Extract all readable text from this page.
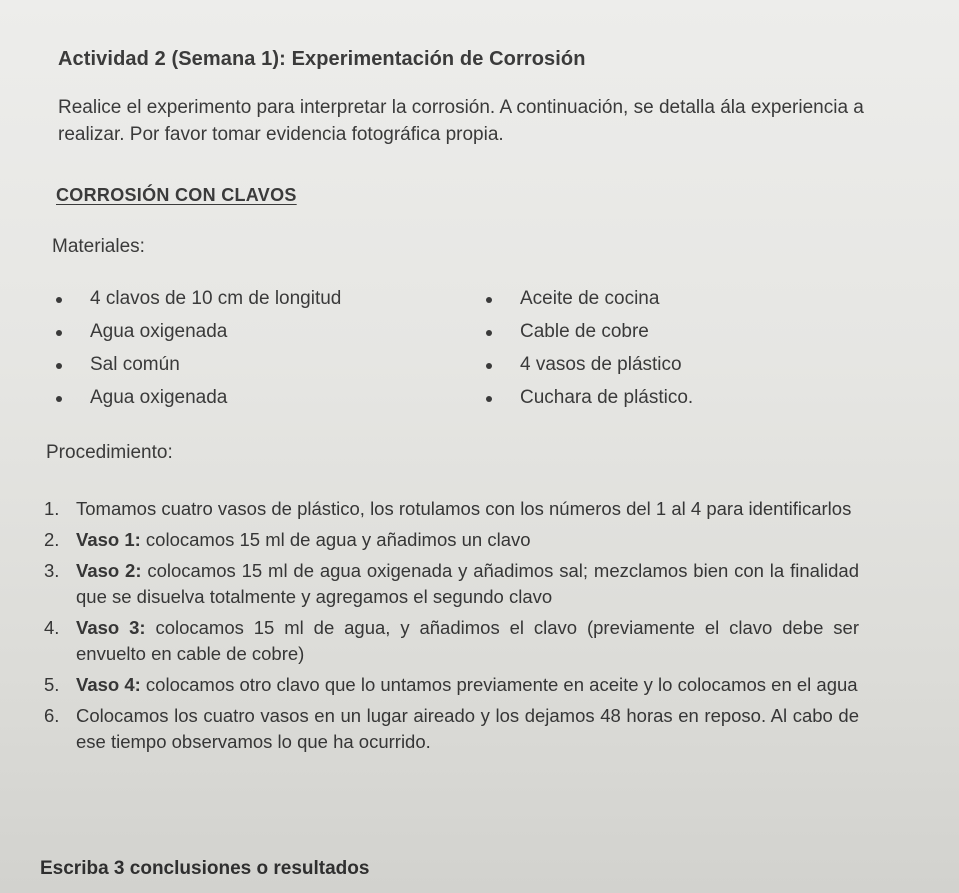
Actividad 2 (Semana 1): Experimentación de Corrosión

Realice el experimento para interpretar la corrosión. A continuación, se detalla ála experiencia a realizar. Por favor tomar evidencia fotográfica propia.

CORROSIÓN CON CLAVOS
Materiales:
4 clavos de 10 cm de longitud	Aceite de cocina
Agua oxigenada	Cable de cobre
Sal común	4 vasos de plástico
Agua oxigenada	Cuchara de plástico.
Procedimiento:
1. Tomamos cuatro vasos de plástico, los rotulamos con los números del 1 al 4 para identificarlos
2. Vaso 1: colocamos 15 ml de agua y añadimos un clavo
3. Vaso 2: colocamos 15 ml de agua oxigenada y añadimos sal; mezclamos bien con la finalidad que se disuelva totalmente y agregamos el segundo clavo
4. Vaso 3: colocamos 15 ml de agua, y añadimos el clavo (previamente el clavo debe ser envuelto en cable de cobre)
5. Vaso 4: colocamos otro clavo que lo untamos previamente en aceite y lo colocamos en el agua
6. Colocamos los cuatro vasos en un lugar aireado y los dejamos 48 horas en reposo. Al cabo de ese tiempo observamos lo que ha ocurrido.
Escriba 3 conclusiones o resultados
